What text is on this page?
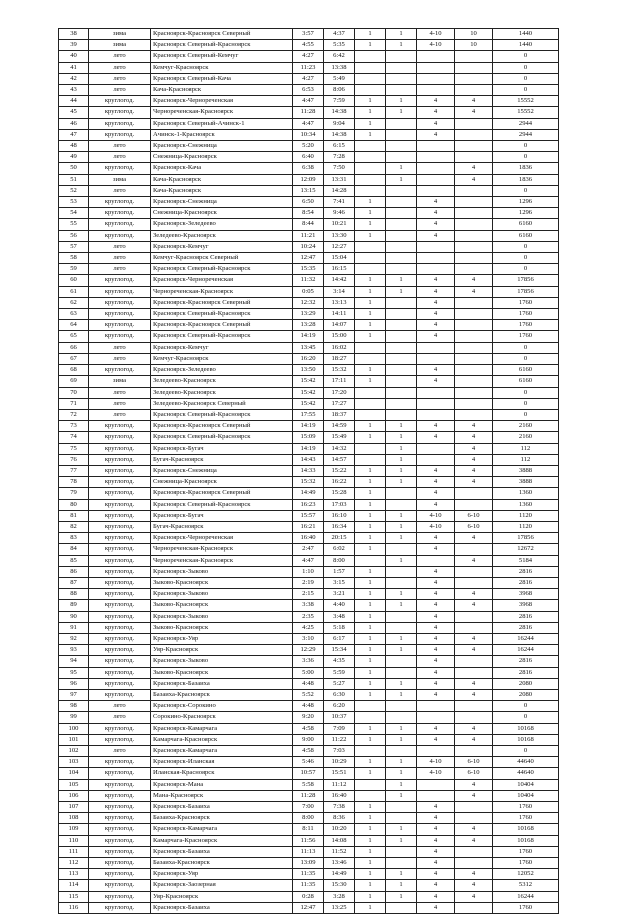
38	зима	Красноярск-Красноярск Северный	3:57	4:37	1	1	4-10	10	1440
39	зима	Красноярск Северный-Красноярск	4:55	5:35	1	1	4-10	10	1440
40	лето	Красноярск Северный-Кемчуг	4:27	6:42					0
41	лето	Кемчуг-Красноярск	11:23	13:38					0
42	лето	Красноярск Северный-Кача	4:27	5:49					0
43	лето	Кача-Красноярск	6:53	8:06					0
44	круглогод.	Красноярск-Чернореченская	4:47	7:59	1	1	4	4	15552
45	круглогод.	Чернореченская-Красноярск	11:28	14:38	1	1	4	4	15552
46	круглогод.	Красноярск Северный-Ачинск-1	4:47	9:04	1		4		2944
47	круглогод.	Ачинск-1-Красноярск	10:34	14:38	1		4		2944
48	лето	Красноярск-Снежница	5:20	6:15					0
49	лето	Снежница-Красноярск	6:40	7:28					0
50	круглогод.	Красноярск-Кача	6:38	7:50		1		4	1836
51	зима	Кача-Красноярск	12:09	13:31		1		4	1836
52	лето	Кача-Красноярск	13:15	14:28					0
53	круглогод.	Красноярск-Снежница	6:50	7:41	1		4		1296
54	круглогод.	Снежница-Красноярск	8:54	9:46	1		4		1296
55	круглогод.	Красноярск-Зеледеево	8:44	10:21	1		4		6160
56	круглогод.	Зеледеево-Красноярск	11:21	13:30	1		4		6160
57	лето	Красноярск-Кемчуг	10:24	12:27					0
58	лето	Кемчуг-Красноярск Северный	12:47	15:04					0
59	лето	Красноярск Северный-Красноярск	15:35	16:15					0
60	круглогод.	Красноярск-Чернореченская	11:32	14:42	1	1	4	4	17856
61	круглогод.	Чернореченская-Красноярск	0:05	3:14	1	1	4	4	17856
62	круглогод.	Красноярск-Красноярск Северный	12:32	13:13	1		4		1760
63	круглогод.	Красноярск Северный-Красноярск	13:29	14:11	1		4		1760
64	круглогод.	Красноярск-Красноярск Северный	13:28	14:07	1		4		1760
65	круглогод.	Красноярск Северный-Красноярск	14:19	15:00	1		4		1760
66	лето	Красноярск-Кемчуг	13:45	16:02					0
67	лето	Кемчуг-Красноярск	16:20	18:27					0
68	круглогод.	Красноярск-Зеледеево	13:50	15:32	1		4		6160
69	зима	Зеледеево-Красноярск	15:42	17:11	1		4		6160
70	лето	Зеледеево-Красноярск	15:42	17:20					0
71	лето	Зеледеево-Красноярск Северный	15:42	17:27					0
72	лето	Красноярск Северный-Красноярск	17:55	18:37					0
73	круглогод.	Красноярск-Красноярск Северный	14:19	14:59	1	1	4	4	2160
74	круглогод.	Красноярск Северный-Красноярск	15:09	15:49	1	1	4	4	2160
75	круглогод.	Красноярск-Бугач	14:19	14:32		1		4	112
76	круглогод.	Бугач-Красноярск	14:43	14:57		1		4	112
77	круглогод.	Красноярск-Снежница	14:33	15:22	1	1	4	4	3888
78	круглогод.	Снежница-Красноярск	15:32	16:22	1	1	4	4	3888
79	круглогод.	Красноярск-Красноярск Северный	14:49	15:28	1		4		1360
80	круглогод.	Красноярск Северный-Красноярск	16:23	17:03	1		4		1360
81	круглогод.	Красноярск-Бугач	15:57	16:10	1	1	4-10	6-10	1120
82	круглогод.	Бугач-Красноярск	16:21	16:34	1	1	4-10	6-10	1120
83	круглогод.	Красноярск-Чернореченская	16:40	20:15	1	1	4	4	17856
84	круглогод.	Чернореченская-Красноярск	2:47	6:02	1		4		12672
85	круглогод.	Чернореченская-Красноярск	4:47	8:00		1		4	5184
86	круглогод.	Красноярск-Зыково	1:10	1:57	1		4		2816
87	круглогод.	Зыково-Красноярск	2:19	3:15	1		4		2816
88	круглогод.	Красноярск-Зыково	2:15	3:21	1	1	4	4	3968
89	круглогод.	Зыково-Красноярск	3:38	4:40	1	1	4	4	3968
90	круглогод.	Красноярск-Зыково	2:35	3:48	1		4		2816
91	круглогод.	Зыково-Красноярск	4:25	5:18	1		4		2816
92	круглогод.	Красноярск-Уяр	3:10	6:17	1	1	4	4	16244
93	круглогод.	Уяр-Красноярск	12:29	15:34	1	1	4	4	16244
94	круглогод.	Красноярск-Зыково	3:36	4:35	1		4		2816
95	круглогод.	Зыково-Красноярск	5:00	5:59	1		4		2816
96	круглогод.	Красноярск-Базаиха	4:48	5:27	1	1	4	4	2080
97	круглогод.	Базаиха-Красноярск	5:52	6:30	1	1	4	4	2080
98	лето	Красноярск-Сорокино	4:48	6:20					0
99	лето	Сорокино-Красноярск	9:20	10:37					0
100	круглогод.	Красноярск-Камарчага	4:58	7:09	1	1	4	4	10168
101	круглогод.	Камарчага-Красноярск	9:00	11:22	1	1	4	4	10168
102	лето	Красноярск-Камарчага	4:58	7:03					0
103	круглогод.	Красноярск-Иланская	5:46	10:29	1	1	4-10	6-10	44640
104	круглогод.	Иланская-Красноярск	10:57	15:51	1	1	4-10	6-10	44640
105	круглогод.	Красноярск-Мана	5:58	11:12		1		4	10404
106	круглогод.	Мана-Красноярск	11:28	16:40		1		4	10404
107	круглогод.	Красноярск-Базаиха	7:00	7:38	1		4		1760
108	круглогод.	Базаиха-Красноярск	8:00	8:36	1		4		1760
109	круглогод.	Красноярск-Камарчага	8:11	10:20	1	1	4	4	10168
110	круглогод.	Камарчага-Красноярск	11:56	14:08	1	1	4	4	10168
111	круглогод.	Красноярск-Базаиха	11:13	11:52	1		4		1760
112	круглогод.	Базаиха-Красноярск	13:09	13:46	1		4		1760
113	круглогод.	Красноярск-Уяр	11:35	14:49	1	1	4	4	12052
114	круглогод.	Красноярск-Заозерная	11:35	15:30	1	1	4	4	5312
115	круглогод.	Уяр-Красноярск	0:28	3:28	1	1	4	4	16244
116	круглогод.	Красноярск-Базаиха	12:47	13:25	1		4		1760
